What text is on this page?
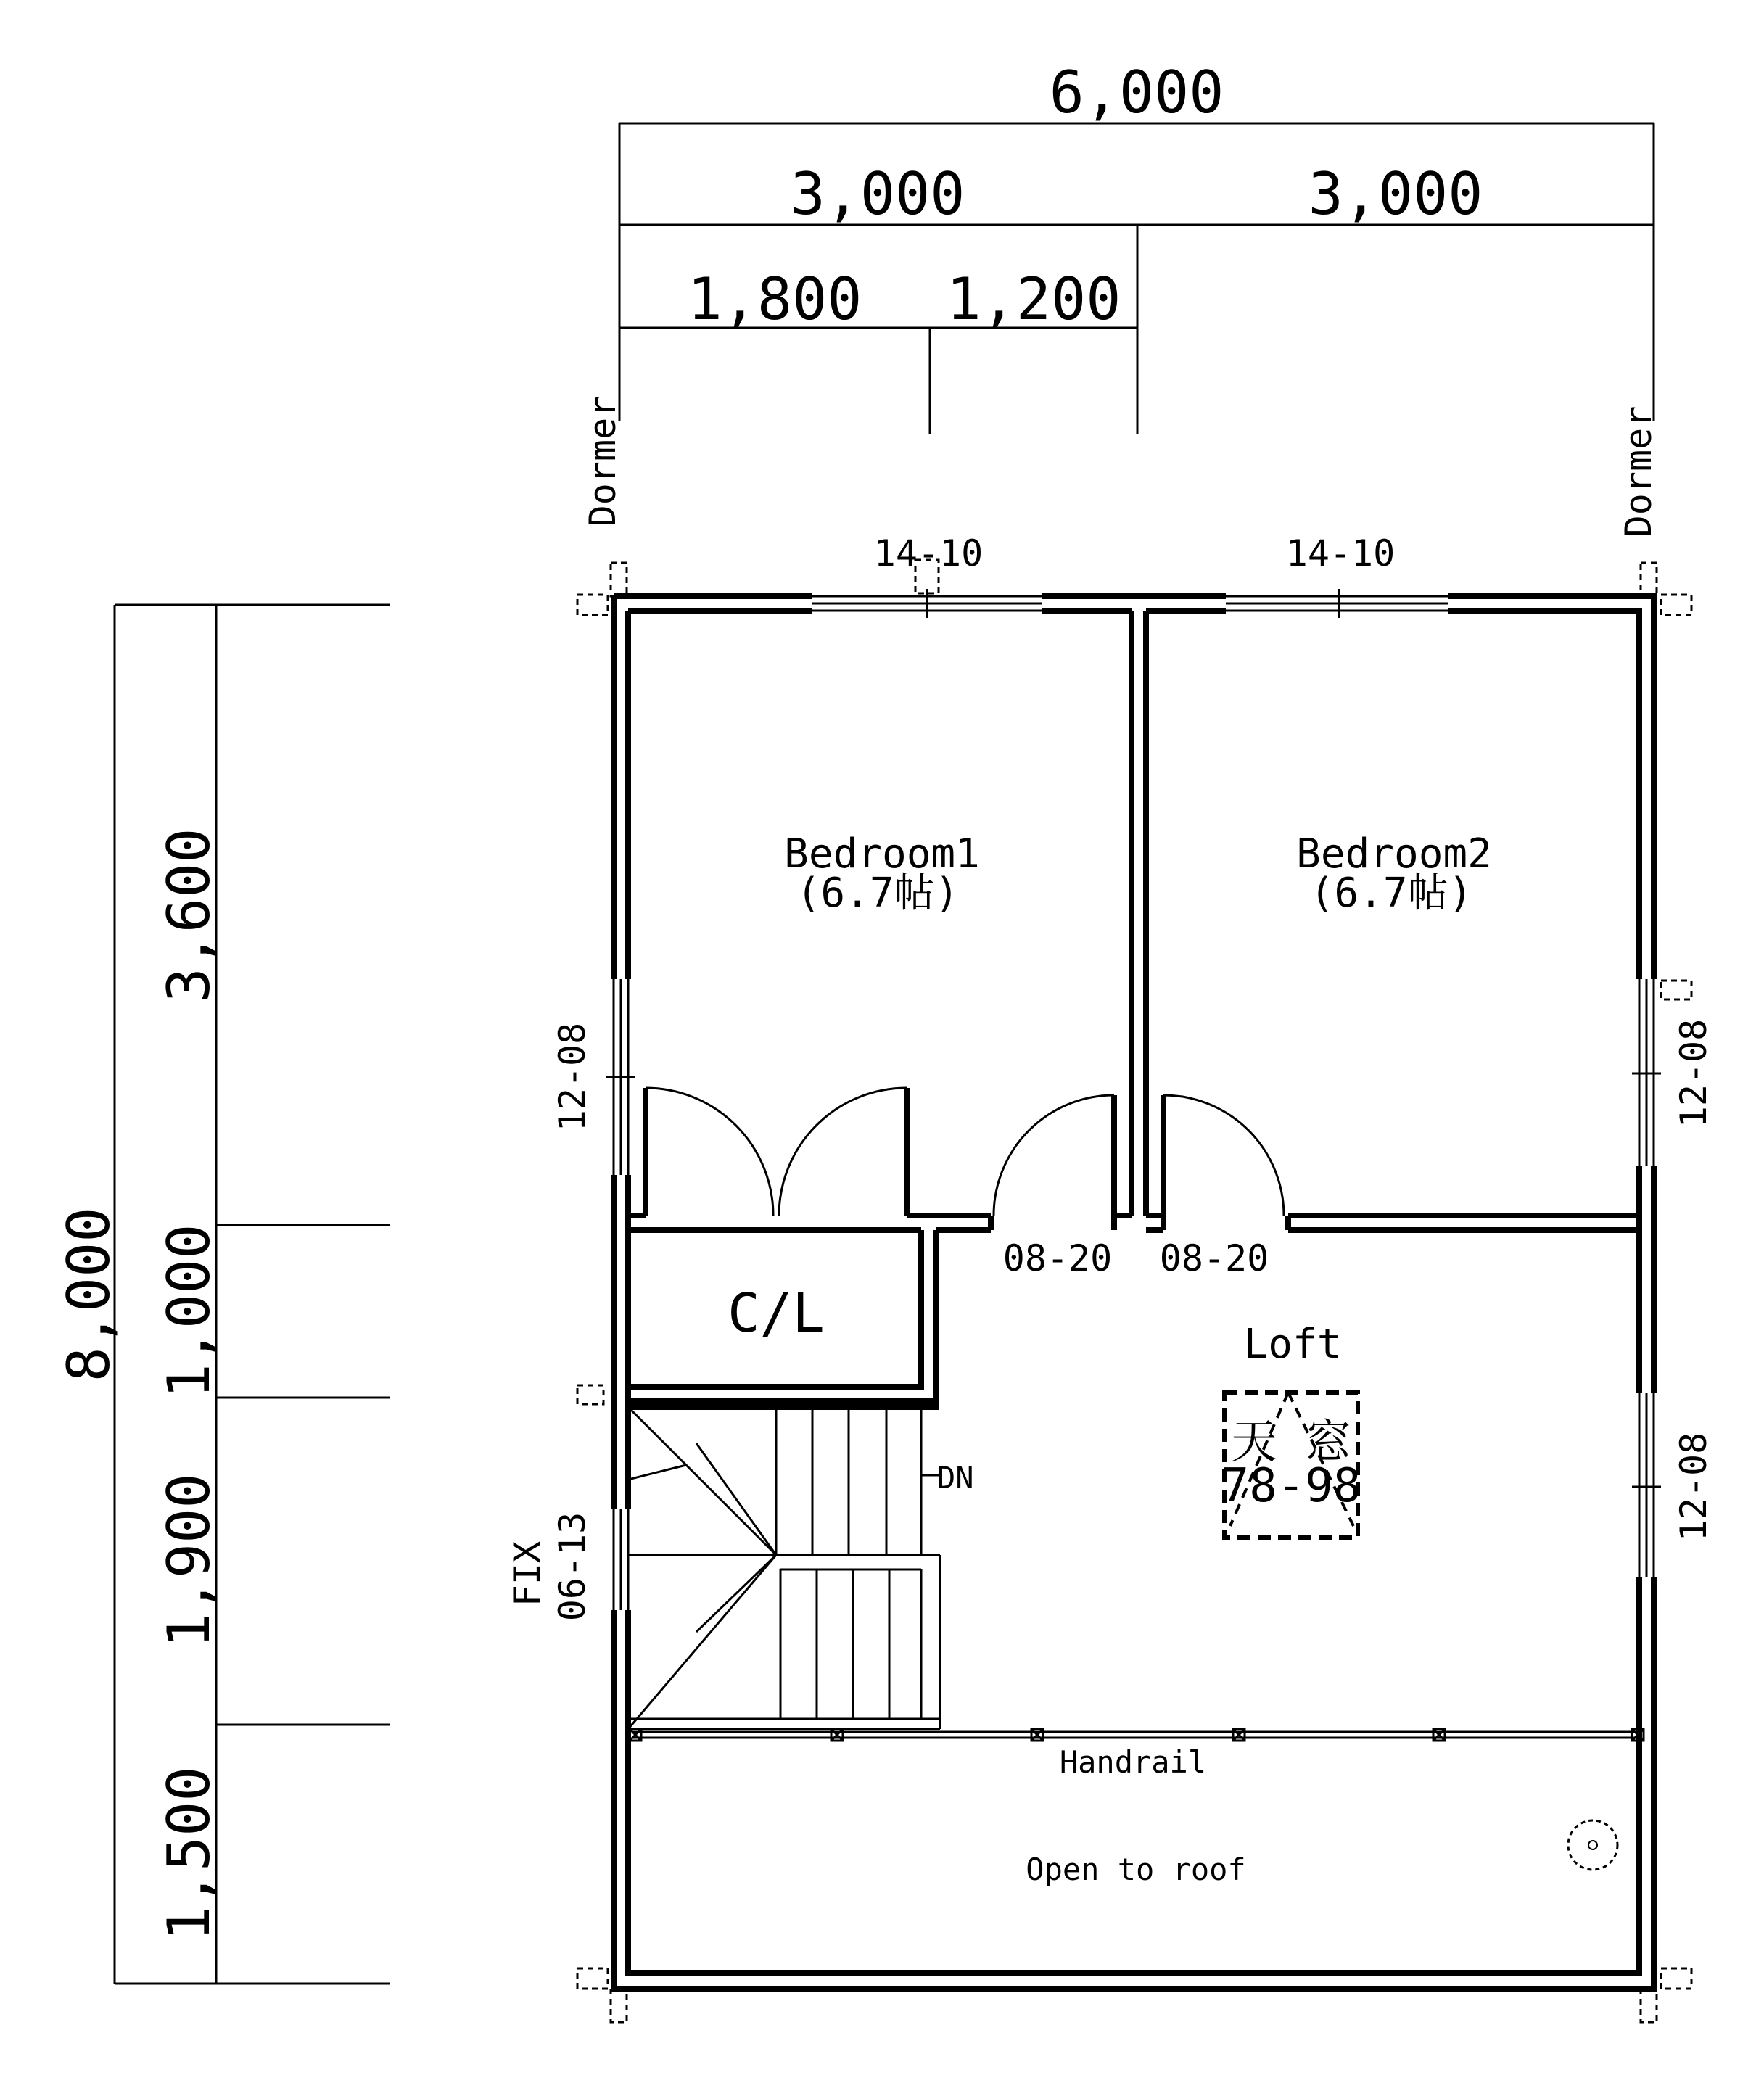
6,000
3,000	3,000
1,800 1,200
8,000
3,600
1,000
1,900
1,500
Dormer	Dormer
14-10	14-10
12-08	12-08
12-08
FIX 06-13
08-20 08-20
DN
Handrail
天 窓
78-98
Bedroom1
(6.7帖)
Bedroom2
(6.7帖)
C/L	Loft
Open to roof
